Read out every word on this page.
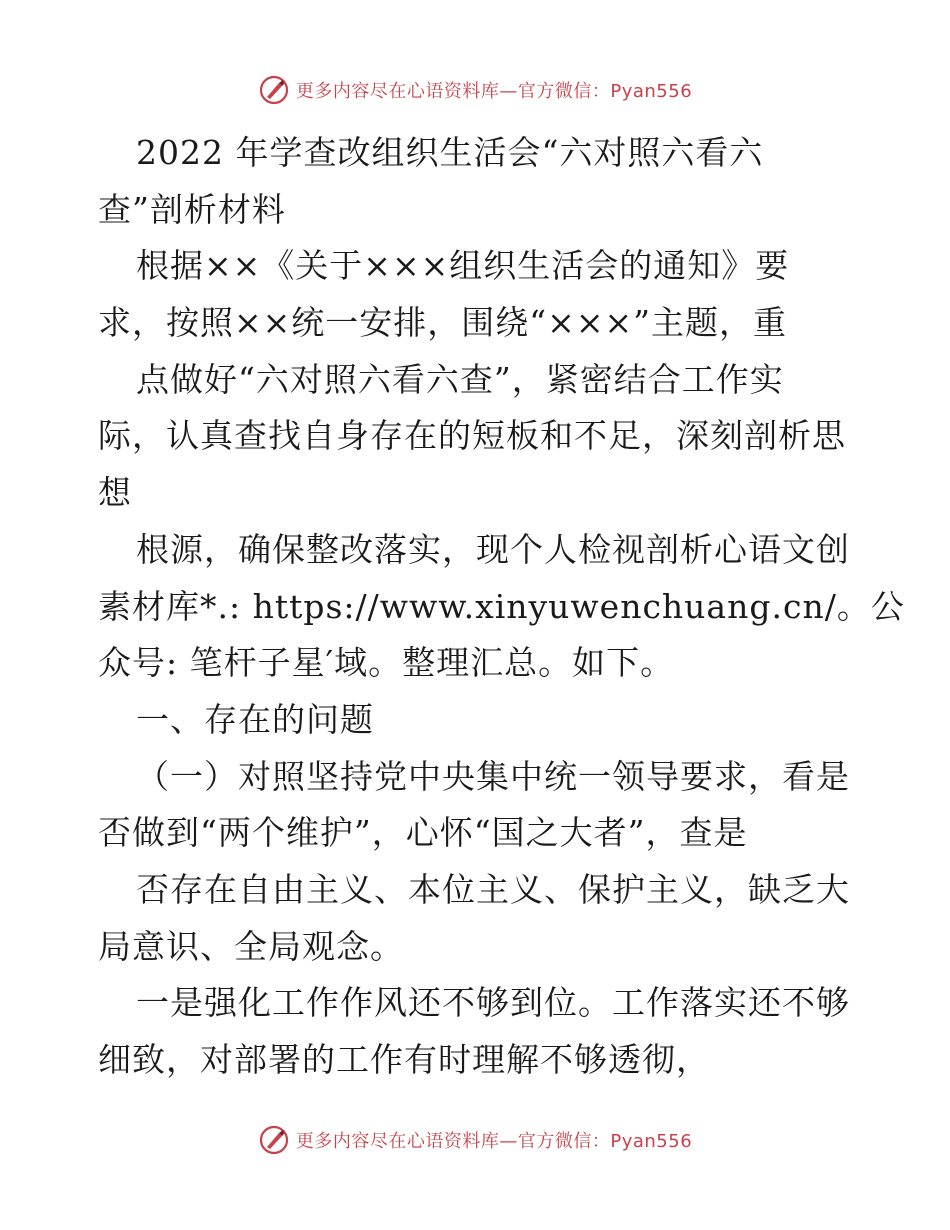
更多内容尽在心语资料库—官方微信：Pyan556
2022 年学查改组织生活会“六对照六看六
查”剖析材料
根据××《关于×××组织生活会的通知》要
求，按照××统一安排，围绕“×××”主题，重
点做好“六对照六看六查”，紧密结合工作实
际，认真查找自身存在的短板和不足，深刻剖析思
想
根源，确保整改落实，现个人检视剖析心语文创
素材库*.: https://www.xinyuwenchuang.cn/。公
众号: 笔杆子星′域。整理汇总。如下。
一、存在的问题
（一）对照坚持党中央集中统一领导要求，看是
否做到“两个维护”，心怀“国之大者”，查是
否存在自由主义、本位主义、保护主义，缺乏大
局意识、全局观念。
一是强化工作作风还不够到位。工作落实还不够
细致，对部署的工作有时理解不够透彻，
更多内容尽在心语资料库—官方微信：Pyan556
